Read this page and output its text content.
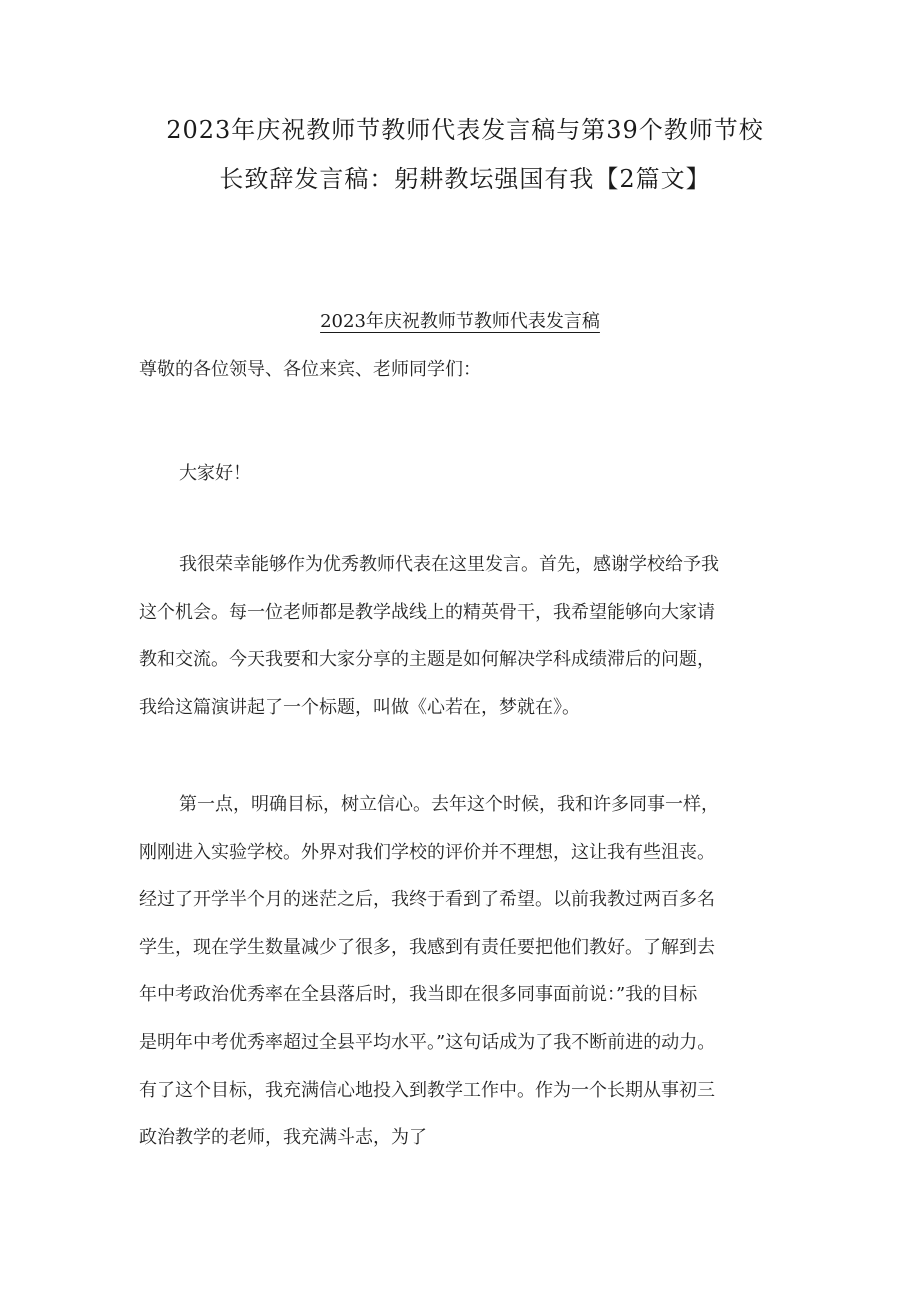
2023年庆祝教师节教师代表发言稿与第39个教师节校
长致辞发言稿：躬耕教坛强国有我【2篇文】
2023年庆祝教师节教师代表发言稿

尊敬的各位领导、各位来宾、老师同学们：

大家好！

我很荣幸能够作为优秀教师代表在这里发言。首先，感谢学校给予我
这个机会。每一位老师都是教学战线上的精英骨干，我希望能够向大家请
教和交流。今天我要和大家分享的主题是如何解决学科成绩滞后的问题，
我给这篇演讲起了一个标题，叫做《心若在，梦就在》。

第一点，明确目标，树立信心。去年这个时候，我和许多同事一样，
刚刚进入实验学校。外界对我们学校的评价并不理想，这让我有些沮丧。
经过了开学半个月的迷茫之后，我终于看到了希望。以前我教过两百多名
学生，现在学生数量减少了很多，我感到有责任要把他们教好。了解到去
年中考政治优秀率在全县落后时，我当即在很多同事面前说：”我的目标
是明年中考优秀率超过全县平均水平。”这句话成为了我不断前进的动力。
有了这个目标，我充满信心地投入到教学工作中。作为一个长期从事初三
政治教学的老师，我充满斗志，为了
